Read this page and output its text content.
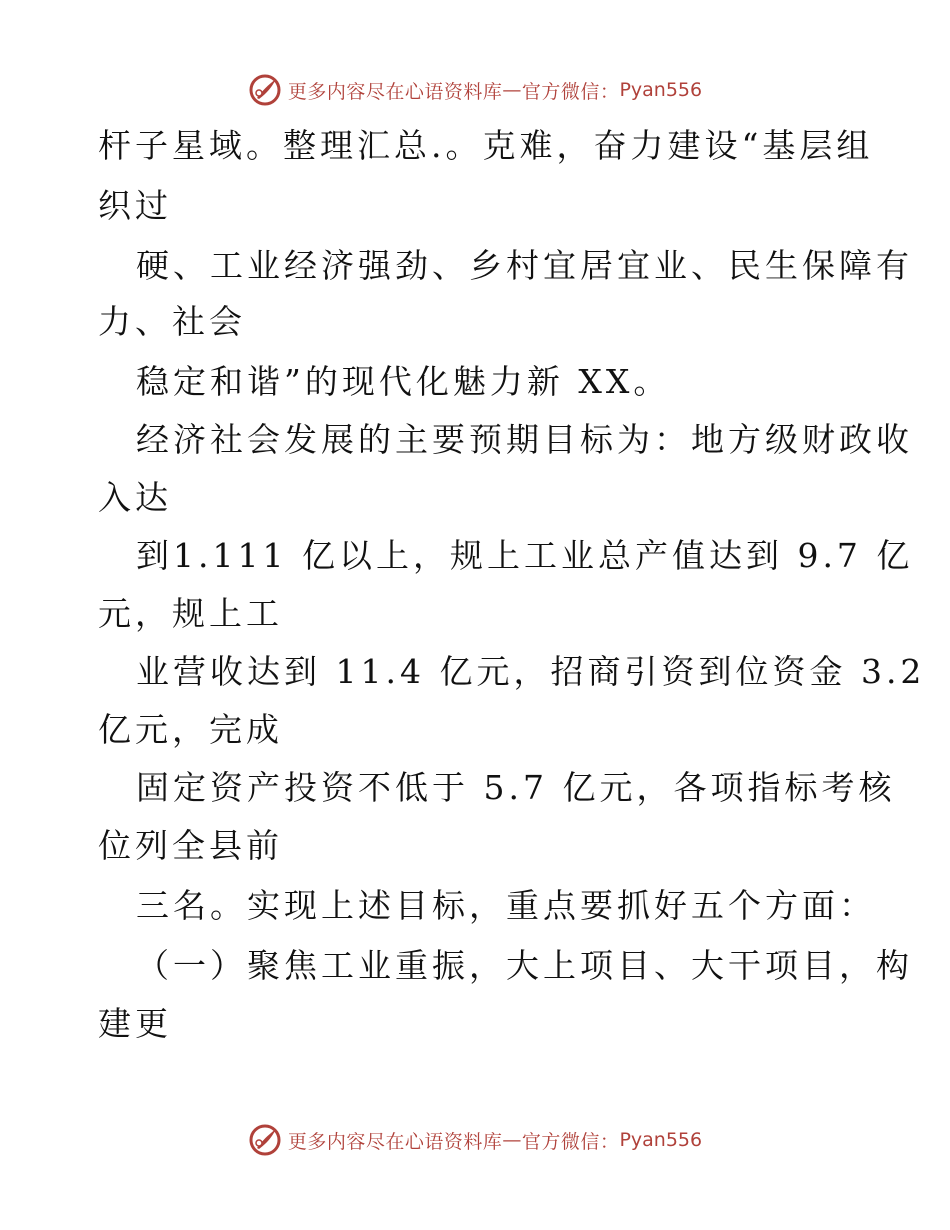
更多内容尽在心语资料库 — 官方微信： Pyan556
杆子星域。整理汇总.。克难，奋力建设“基层组
织过
硬、工业经济强劲、乡村宜居宜业、民生保障有
力、社会
稳定和谐”的现代化魅力新 XX。
经济社会发展的主要预期目标为：地方级财政收
入达
到1.111 亿以上，规上工业总产值达到 9.7 亿
元，规上工
业营收达到 11.4 亿元，招商引资到位资金 3.2
亿元，完成
固定资产投资不低于 5.7 亿元，各项指标考核
位列全县前
三名。实现上述目标，重点要抓好五个方面：
（一）聚焦工业重振，大上项目、大干项目，构
建更
更多内容尽在心语资料库 — 官方微信： Pyan556
